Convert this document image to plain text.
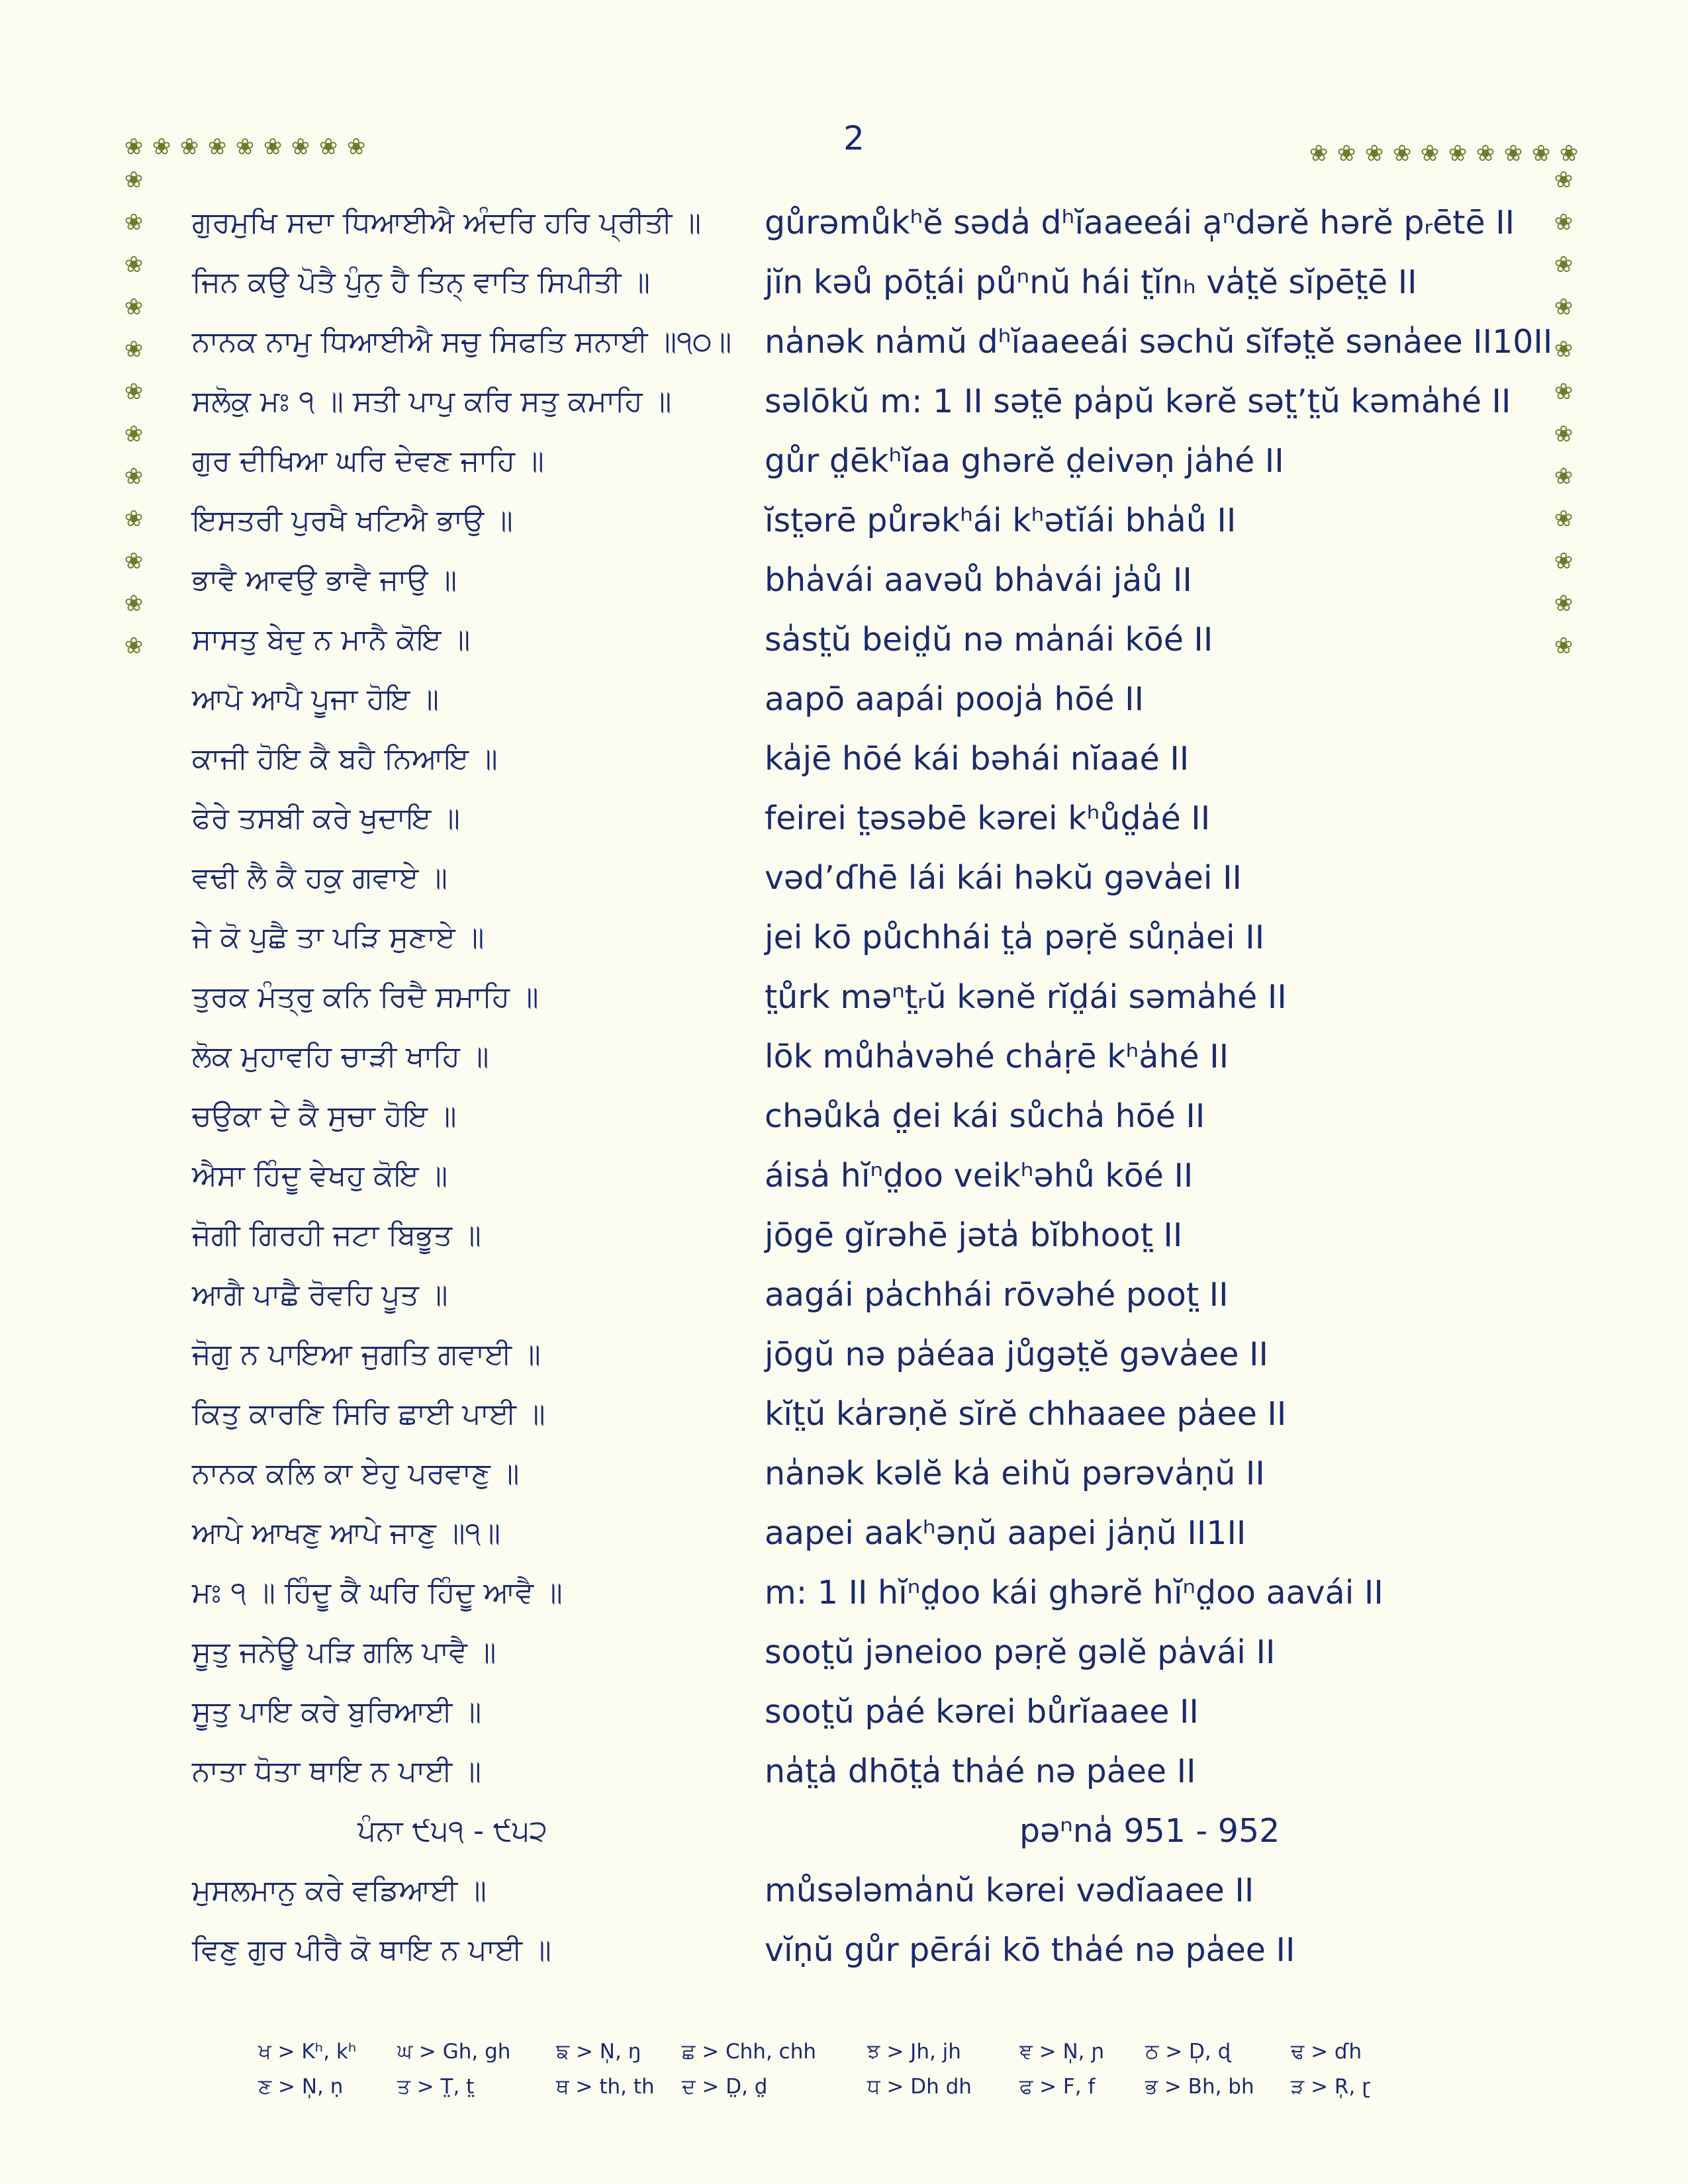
2
❀ ❀ ❀ ❀ ❀ ❀ ❀ ❀ ❀
❀
❀
❀
❀
❀
❀
❀
❀
❀
❀
❀
❀
❀ ❀ ❀ ❀ ❀ ❀ ❀ ❀ ❀ ❀
❀
❀
❀
❀
❀
❀
❀
❀
❀
❀
❀
❀
ਗੁਰਮੁਖਿ ਸਦਾ ਧਿਆਈਐ ਅੰਦਰਿ ਹਰਿ ਪ੍ਰੀਤੀ ॥ gůrəmůkʰĕ səda̍ dʰĭaaeeái a̩ⁿdərĕ hərĕ pᵣētē II
ਜਿਨ ਕਉ ਪੋਤੈ ਪੁੰਨੁ ਹੈ ਤਿਨ੍ ਵਾਤਿ ਸਿਪੀਤੀ ॥	jĭn kəů pōt̤ái půⁿnŭ hái t̤ĭnₕ va̍t̤ĕ sĭpēt̤ē II
ਨਾਨਕ ਨਾਮੁ ਧਿਆਈਐ ਸਚੁ ਸਿਫਤਿ ਸਨਾਈ ॥੧੦॥ na̍nək na̍mŭ dʰĭaaeeái səchŭ sĭfət̤ĕ səna̍ee II10II
ਸਲੋਕੁ ਮਃ ੧ ॥ ਸਤੀ ਪਾਪੁ ਕਰਿ ਸਤੁ ਕਮਾਹਿ ॥	səlōkŭ m: 1 II sət̤ē pa̍pŭ kərĕ sət̤’t̤ŭ kəma̍hé II
ਗੁਰ ਦੀਖਿਆ ਘਰਿ ਦੇਵਣ ਜਾਹਿ ॥	gůr d̤ēkʰĭaa ghərĕ d̤eivəṇ ja̍hé II
ਇਸਤਰੀ ਪੁਰਖੈ ਖਟਿਐ ਭਾਉ ॥	ĭst̤ərē půrəkʰái kʰətĭái bha̍ů II
ਭਾਵੈ ਆਵਉ ਭਾਵੈ ਜਾਉ ॥	bha̍vái aavəů bha̍vái ja̍ů II
ਸਾਸਤੁ ਬੇਦੁ ਨ ਮਾਨੈ ਕੋਇ ॥	sa̍st̤ŭ beid̤ŭ nə ma̍nái kōé II
ਆਪੋ ਆਪੈ ਪੂਜਾ ਹੋਇ ॥	aapō aapái pooja̍ hōé II
ਕਾਜੀ ਹੋਇ ਕੈ ਬਹੈ ਨਿਆਇ ॥	ka̍jē hōé kái bəhái nĭaaé II
ਫੇਰੇ ਤਸਬੀ ਕਰੇ ਖੁਦਾਇ ॥	feirei t̤əsəbē kərei kʰůd̤a̍é II
ਵਢੀ ਲੈ ਕੈ ਹਕੁ ਗਵਾਏ ॥	vəd’ɗhē lái kái həkŭ gəva̍ei II
ਜੇ ਕੋ ਪੁਛੈ ਤਾ ਪੜਿ ਸੁਣਾਏ ॥	jei kō půchhái t̤a̍ pəṛĕ sůṇa̍ei II
ਤੁਰਕ ਮੰਤ੍ਰੁ ਕਨਿ ਰਿਦੈ ਸਮਾਹਿ ॥	t̤ůrk məⁿt̤ᵣŭ kənĕ rĭd̤ái səma̍hé II
ਲੋਕ ਮੁਹਾਵਹਿ ਚਾੜੀ ਖਾਹਿ ॥	lōk můha̍vəhé cha̍ṛē kʰa̍hé II
ਚਉਕਾ ਦੇ ਕੈ ਸੁਚਾ ਹੋਇ ॥	chəůka̍ d̤ei kái sůcha̍ hōé II
ਐਸਾ ਹਿੰਦੂ ਵੇਖਹੁ ਕੋਇ ॥	áisa̍ hĭⁿd̤oo veikʰəhů kōé II
ਜੋਗੀ ਗਿਰਹੀ ਜਟਾ ਬਿਭੂਤ ॥	jōgē gĭrəhē jəta̍ bĭbhoot̤ II
ਆਗੈ ਪਾਛੈ ਰੋਵਹਿ ਪੂਤ ॥	aagái pa̍chhái rōvəhé poot̤ II
ਜੋਗੁ ਨ ਪਾਇਆ ਜੁਗਤਿ ਗਵਾਈ ॥	jōgŭ nə pa̍éaa jůgət̤ĕ gəva̍ee II
ਕਿਤੁ ਕਾਰਣਿ ਸਿਰਿ ਛਾਈ ਪਾਈ ॥	kĭt̤ŭ ka̍rəṇĕ sĭrĕ chhaaee pa̍ee II
ਨਾਨਕ ਕਲਿ ਕਾ ਏਹੁ ਪਰਵਾਣੁ ॥	na̍nək kəlĕ ka̍ eihŭ pərəva̍ṇŭ II
ਆਪੇ ਆਖਣੁ ਆਪੇ ਜਾਣੁ ॥੧॥	aapei aakʰəṇŭ aapei ja̍ṇŭ II1II
ਮਃ ੧ ॥ ਹਿੰਦੂ ਕੈ ਘਰਿ ਹਿੰਦੂ ਆਵੈ ॥	m: 1 II hĭⁿd̤oo kái ghərĕ hĭⁿd̤oo aavái II
ਸੂਤੁ ਜਨੇਊ ਪੜਿ ਗਲਿ ਪਾਵੈ ॥	soot̤ŭ jəneioo pəṛĕ gəlĕ pa̍vái II
ਸੂਤੁ ਪਾਇ ਕਰੇ ਬੁਰਿਆਈ ॥	soot̤ŭ pa̍é kərei bůrĭaaee II
ਨਾਤਾ ਧੋਤਾ ਥਾਇ ਨ ਪਾਈ ॥	na̍t̤a̍ dhōt̤a̍ tha̍é nə pa̍ee II
ਪੰਨਾ ੯੫੧ - ੯੫੨	pəⁿna̍ 951 - 952
ਮੁਸਲਮਾਨੁ ਕਰੇ ਵਡਿਆਈ ॥	můsələma̍nŭ kərei vədĭaaee II
ਵਿਣੁ ਗੁਰ ਪੀਰੈ ਕੋ ਥਾਇ ਨ ਪਾਈ ॥	vĭṇŭ gůr pērái kō tha̍é nə pa̍ee II
ਖ > Kʰ, kʰ ਘ > Gh, gh ਙ > N̩, ŋ ਛ > Chh, chh ਝ > Jh, jh	ਞ > N̩, ɲ ਠ > D̩, ɖ	ਢ > ɗh
ਣ > N̩, ṇ	ਤ > T̤, t̤	ਥ > th, th ਦ > D̤, d̤	ਧ > Dh dh ਫ > F, f ਭ > Bh, bh ੜ > R̩, ɽ
